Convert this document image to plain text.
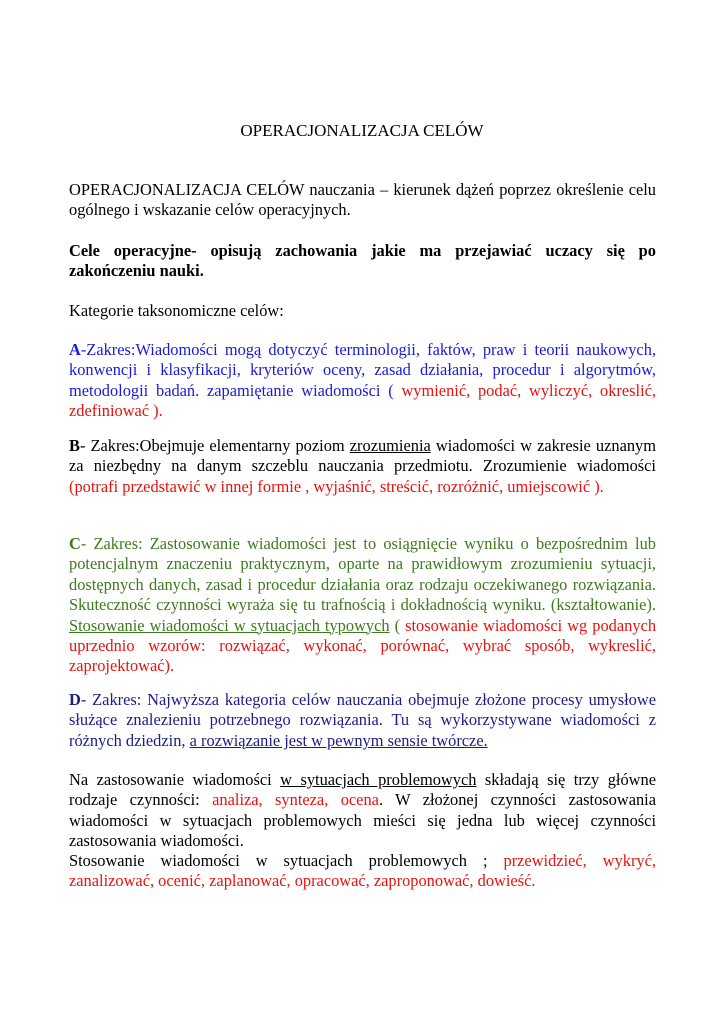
OPERACJONALIZACJA CELÓW

OPERACJONALIZACJA CELÓW nauczania – kierunek dążeń poprzez określenie celu ogólnego i wskazanie celów operacyjnych.

Cele operacyjne- opisują zachowania jakie ma przejawiać uczacy się po zakończeniu nauki.

Kategorie taksonomiczne celów:

A-Zakres:Wiadomości mogą dotyczyć terminologii, faktów, praw i teorii naukowych, konwencji i klasyfikacji, kryteriów oceny, zasad działania, procedur i algorytmów, metodologii badań. zapamiętanie wiadomości ( wymienić, podać, wyliczyć, okreslić, zdefiniować ).

B- Zakres:Obejmuje elementarny poziom zrozumienia wiadomości w zakresie uznanym za niezbędny na danym szczeblu nauczania przedmiotu. Zrozumienie wiadomości (potrafi przedstawić w innej formie , wyjaśnić, streścić, rozróżnić, umiejscowić ).

C- Zakres: Zastosowanie wiadomości jest to osiągnięcie wyniku o bezpośrednim lub potencjalnym znaczeniu praktycznym, oparte na prawidłowym zrozumieniu sytuacji, dostępnych danych, zasad i procedur działania oraz rodzaju oczekiwanego rozwiązania. Skuteczność czynności wyraża się tu trafnością i dokładnością wyniku. (kształtowanie). Stosowanie wiadomości w sytuacjach typowych ( stosowanie wiadomości wg podanych uprzednio wzorów: rozwiązać, wykonać, porównać, wybrać sposób, wykreslić, zaprojektować).

D- Zakres: Najwyższa kategoria celów nauczania obejmuje złożone procesy umysłowe służące znalezieniu potrzebnego rozwiązania. Tu są wykorzystywane wiadomości z różnych dziedzin, a rozwiązanie jest w pewnym sensie twórcze.

Na zastosowanie wiadomości w sytuacjach problemowych składają się trzy główne rodzaje czynności: analiza, synteza, ocena. W złożonej czynności zastosowania wiadomości w sytuacjach problemowych mieści się jedna lub więcej czynności zastosowania wiadomości.

Stosowanie wiadomości w sytuacjach problemowych ; przewidzieć, wykryć, zanalizować, ocenić, zaplanować, opracować, zaproponować, dowieść.
